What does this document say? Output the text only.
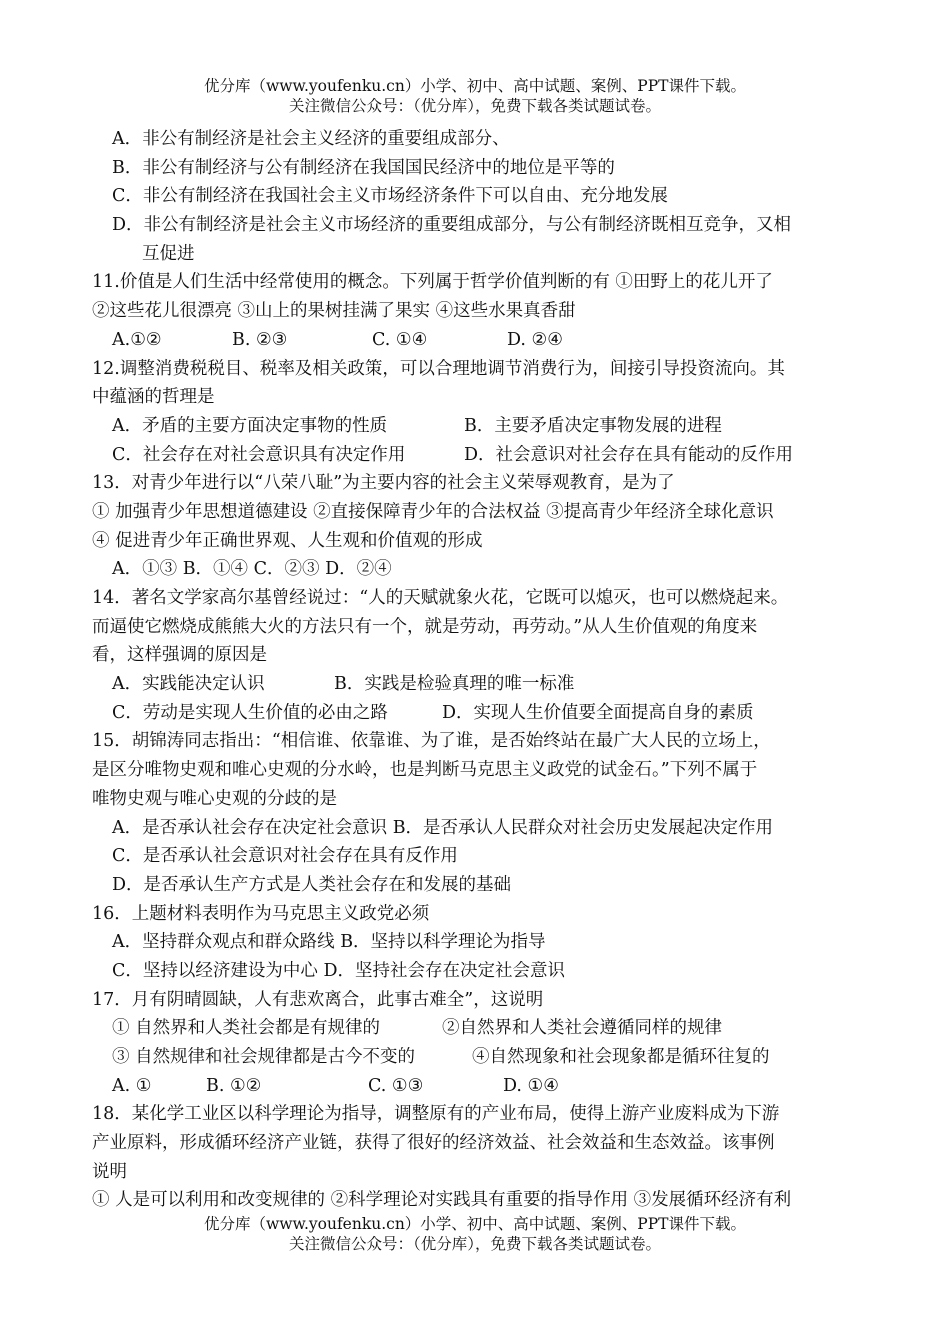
优分库（www.youfenku.cn）小学、初中、高中试题、案例、PPT课件下载。
关注微信公众号：（优分库），免费下载各类试题试卷。
A．非公有制经济是社会主义经济的重要组成部分、
B．非公有制经济与公有制经济在我国国民经济中的地位是平等的
C．非公有制经济在我国社会主义市场经济条件下可以自由、充分地发展
D．非公有制经济是社会主义市场经济的重要组成部分，与公有制经济既相互竞争，又相
互促进
11.价值是人们生活中经常使用的概念。下列属于哲学价值判断的有 ①田野上的花儿开了
②这些花儿很漂亮 ③山上的果树挂满了果实 ④这些水果真香甜
A.①②	B. ②③	C. ①④	D. ②④
12.调整消费税税目、税率及相关政策，可以合理地调节消费行为，间接引导投资流向。其
中蕴涵的哲理是
A．矛盾的主要方面决定事物的性质	B．主要矛盾决定事物发展的进程
C．社会存在对社会意识具有决定作用	D．社会意识对社会存在具有能动的反作用
13．对青少年进行以“八荣八耻”为主要内容的社会主义荣辱观教育，是为了
① 加强青少年思想道德建设 ②直接保障青少年的合法权益 ③提高青少年经济全球化意识
④ 促进青少年正确世界观、人生观和价值观的形成
A．①③ B．①④ C．②③ D．②④
14．著名文学家高尔基曾经说过：“人的天赋就象火花，它既可以熄灭，也可以燃烧起来。
而逼使它燃烧成熊熊大火的方法只有一个，就是劳动，再劳动。”从人生价值观的角度来
看，这样强调的原因是
A．实践能决定认识	B．实践是检验真理的唯一标准
C．劳动是实现人生价值的必由之路	D．实现人生价值要全面提高自身的素质
15．胡锦涛同志指出：“相信谁、依靠谁、为了谁，是否始终站在最广大人民的立场上，
是区分唯物史观和唯心史观的分水岭，也是判断马克思主义政党的试金石。”下列不属于
唯物史观与唯心史观的分歧的是
A．是否承认社会存在决定社会意识 B．是否承认人民群众对社会历史发展起决定作用
C．是否承认社会意识对社会存在具有反作用
D．是否承认生产方式是人类社会存在和发展的基础
16．上题材料表明作为马克思主义政党必须
A．坚持群众观点和群众路线 B．坚持以科学理论为指导
C．坚持以经济建设为中心 D．坚持社会存在决定社会意识
17．月有阴晴圆缺，人有悲欢离合，此事古难全”，这说明
① 自然界和人类社会都是有规律的	②自然界和人类社会遵循同样的规律
③ 自然规律和社会规律都是古今不变的	④自然现象和社会现象都是循环往复的
A. ①	B. ①②	C. ①③	D. ①④
18．某化学工业区以科学理论为指导，调整原有的产业布局，使得上游产业废料成为下游
产业原料，形成循环经济产业链，获得了很好的经济效益、社会效益和生态效益。该事例
说明
① 人是可以利用和改变规律的 ②科学理论对实践具有重要的指导作用 ③发展循环经济有利
优分库（www.youfenku.cn）小学、初中、高中试题、案例、PPT课件下载。
关注微信公众号：（优分库），免费下载各类试题试卷。
